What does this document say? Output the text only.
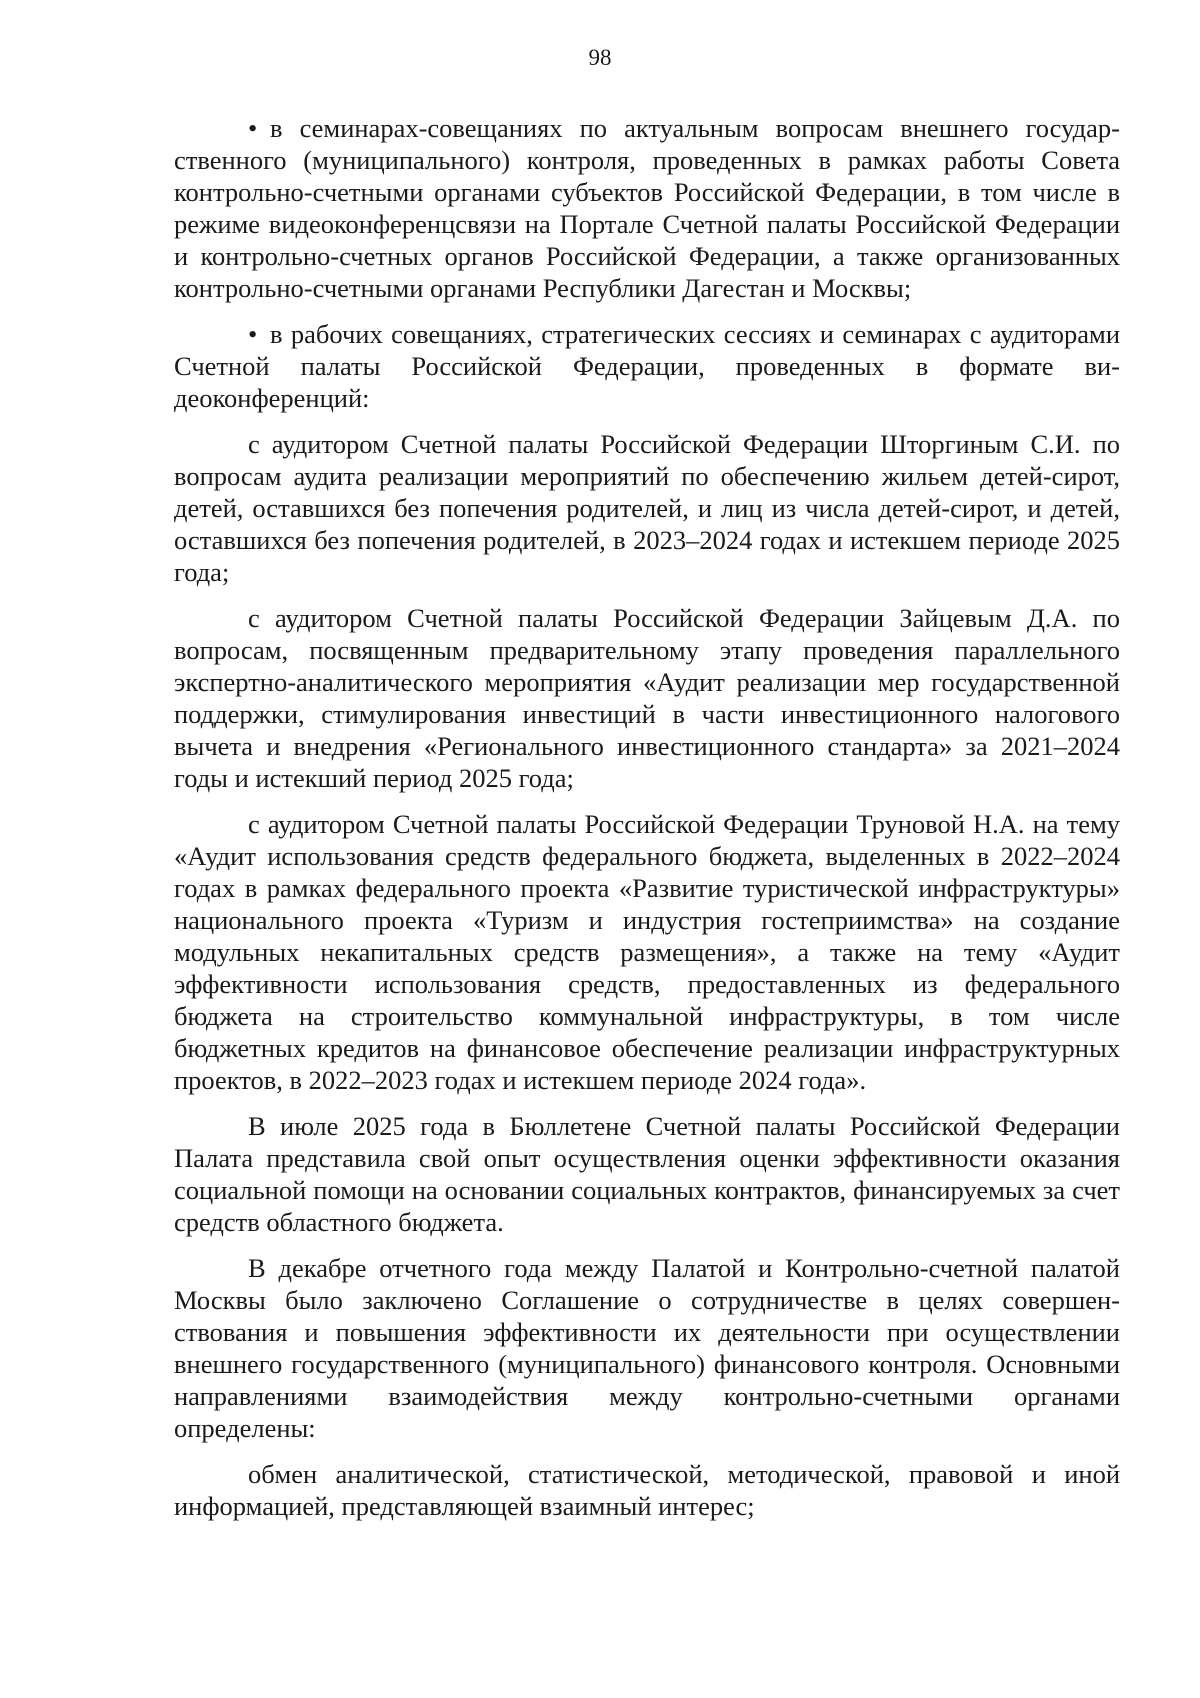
98

• в семинарах-совещаниях по актуальным вопросам внешнего государственного (муниципального) контроля, проведенных в рамках работы Совета контрольно-счетными органами субъектов Российской Федерации, в том числе в режиме видеоконференцсвязи на Портале Счетной палаты Российской Федерации и контрольно-счетных органов Российской Федерации, а также организованных контрольно-счетными органами Республики Дагестан и Москвы;

• в рабочих совещаниях, стратегических сессиях и семинарах с аудиторами Счетной палаты Российской Федерации, проведенных в формате видеоконференций:

с аудитором Счетной палаты Российской Федерации Шторгиным С.И. по вопросам аудита реализации мероприятий по обеспечению жильем детей-сирот, детей, оставшихся без попечения родителей, и лиц из числа детей-сирот, и детей, оставшихся без попечения родителей, в 2023–2024 годах и истекшем периоде 2025 года;

с аудитором Счетной палаты Российской Федерации Зайцевым Д.А. по вопросам, посвященным предварительному этапу проведения параллельного экспертно-аналитического мероприятия «Аудит реализации мер государственной поддержки, стимулирования инвестиций в части инвестиционного налогового вычета и внедрения «Регионального инвестиционного стандарта» за 2021–2024 годы и истекший период 2025 года;

с аудитором Счетной палаты Российской Федерации Труновой Н.А. на тему «Аудит использования средств федерального бюджета, выделенных в 2022–2024 годах в рамках федерального проекта «Развитие туристической инфраструктуры» национального проекта «Туризм и индустрия гостеприимства» на создание модульных некапитальных средств размещения», а также на тему «Аудит эффективности использования средств, предоставленных из федерального бюджета на строительство коммунальной инфраструктуры, в том числе бюджетных кредитов на финансовое обеспечение реализации инфраструктурных проектов, в 2022–2023 годах и истекшем периоде 2024 года».

В июле 2025 года в Бюллетене Счетной палаты Российской Федерации Палата представила свой опыт осуществления оценки эффективности оказания социальной помощи на основании социальных контрактов, финансируемых за счет средств областного бюджета.

В декабре отчетного года между Палатой и Контрольно-счетной палатой Москвы было заключено Соглашение о сотрудничестве в целях совершенствования и повышения эффективности их деятельности при осуществлении внешнего государственного (муниципального) финансового контроля. Основными направлениями взаимодействия между контрольно-счетными органами определены:

обмен аналитической, статистической, методической, правовой и иной информацией, представляющей взаимный интерес;
